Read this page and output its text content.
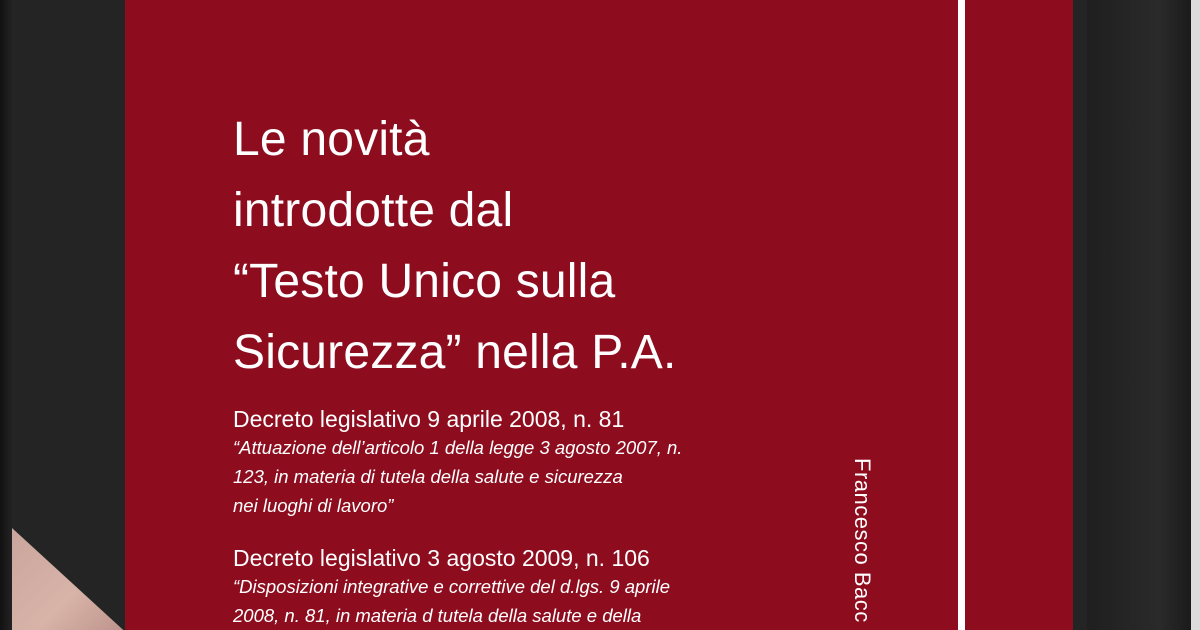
Le novità
introdotte dal
“Testo Unico sulla
Sicurezza” nella P.A.
Decreto legislativo 9 aprile 2008, n. 81
“Attuazione dell’articolo 1 della legge 3 agosto 2007, n.
123, in materia di tutela della salute e sicurezza
nei luoghi di lavoro”
Decreto legislativo 3 agosto 2009, n. 106
“Disposizioni integrative e correttive del d.lgs. 9 aprile
2008, n. 81, in materia d tutela della salute e della	Francesco Bacc
